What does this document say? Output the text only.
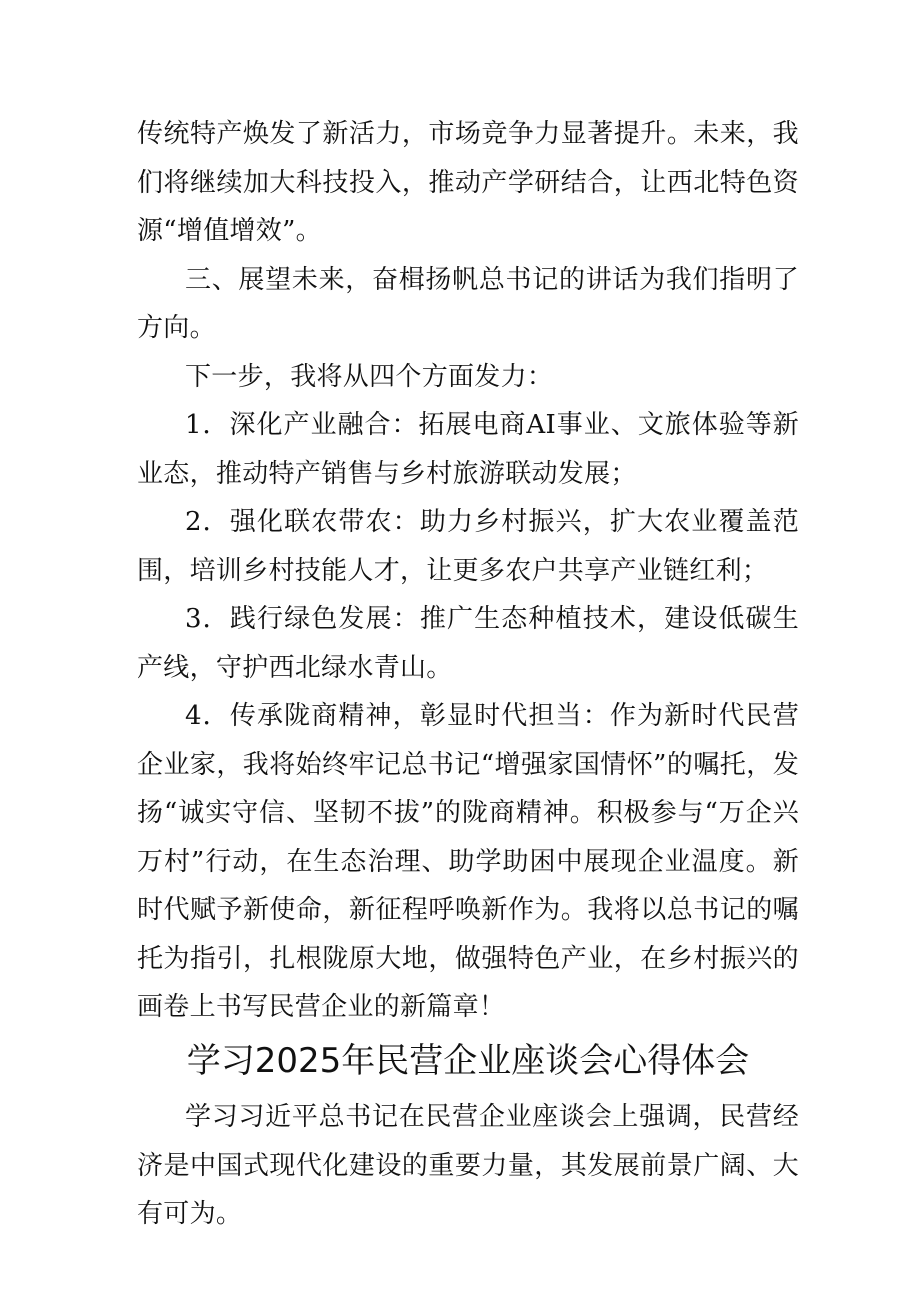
传统特产焕发了新活力，市场竞争力显著提升。未来，我们将继续加大科技投入，推动产学研结合，让西北特色资源“增值增效”。

三、展望未来，奋楫扬帆总书记的讲话为我们指明了方向。

下一步，我将从四个方面发力：

1．深化产业融合：拓展电商AI事业、文旅体验等新业态，推动特产销售与乡村旅游联动发展；

2．强化联农带农：助力乡村振兴，扩大农业覆盖范围，培训乡村技能人才，让更多农户共享产业链红利；

3．践行绿色发展：推广生态种植技术，建设低碳生产线，守护西北绿水青山。

4．传承陇商精神，彰显时代担当：作为新时代民营企业家，我将始终牢记总书记“增强家国情怀”的嘱托，发扬“诚实守信、坚韧不拔”的陇商精神。积极参与“万企兴万村”行动，在生态治理、助学助困中展现企业温度。新时代赋予新使命，新征程呼唤新作为。我将以总书记的嘱托为指引，扎根陇原大地，做强特色产业，在乡村振兴的画卷上书写民营企业的新篇章！

学习2025年民营企业座谈会心得体会

学习习近平总书记在民营企业座谈会上强调，民营经济是中国式现代化建设的重要力量，其发展前景广阔、大有可为。
